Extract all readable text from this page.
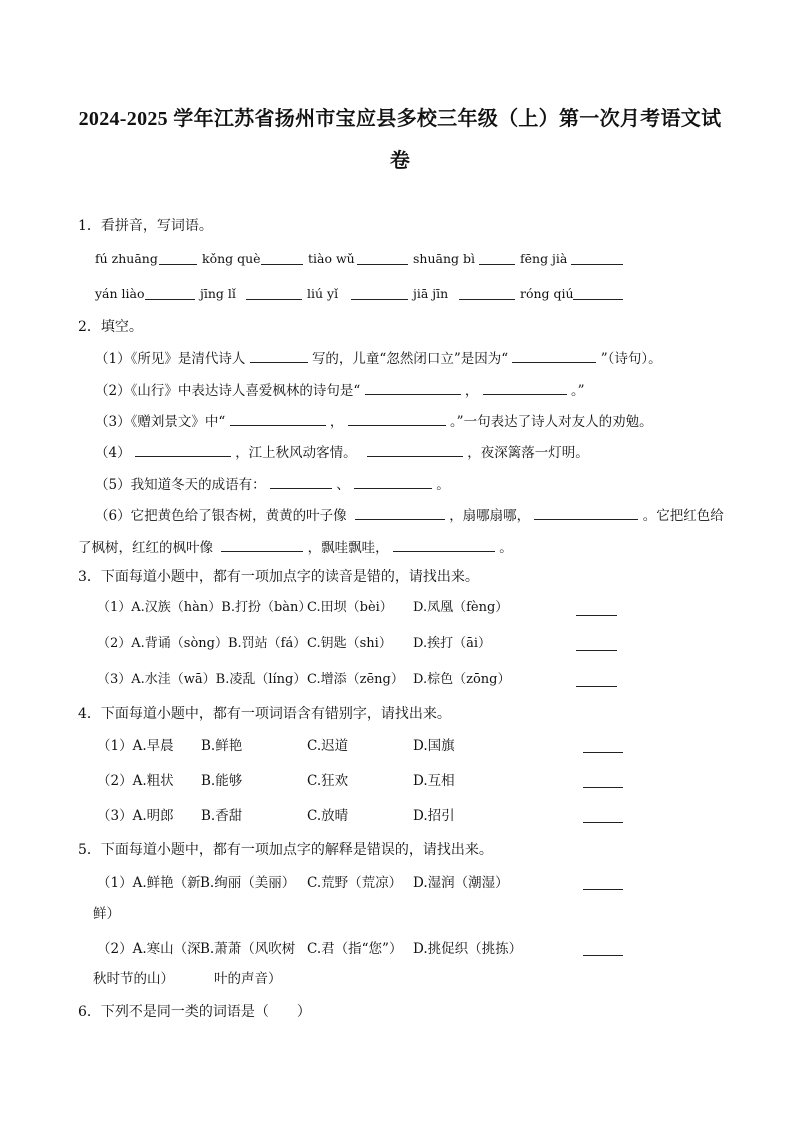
2024-2025 学年江苏省扬州市宝应县多校三年级（上）第一次月考语文试
卷
1．看拼音，写词语。
fú zhuāng	kǒng què	tiào wǔ	shuāng bì	fēng jià
yán liào	jīng lǐ	liú yǐ	jiā jīn	róng qiú
2．填空。
（1）《所见》是清代诗人	写的，儿童“忽然闭口立”是因为“	”（诗句）。
（2）《山行》中表达诗人喜爱枫林的诗句是“	，	。”
（3）《赠刘景文》中“	，	。”一句表达了诗人对友人的劝勉。
（4）	，江上秋风动客情。	，夜深篱落一灯明。
（5）我知道冬天的成语有：	、	。
（6）它把黄色给了银杏树，黄黄的叶子像	，扇哪扇哪，	。它把红色给
了枫树，红红的枫叶像	，飘哇飘哇，	。
3．下面每道小题中，都有一项加点字的读音是错的，请找出来。
（1）A.汉族（hàn）B.打扮（bàn）
C.田坝（bèi） D.凤凰（fèng）
（2）A.背诵（sòng）B.罚站（fá） C.钥匙（shi） D.挨打（āi）
（3）A.水洼（wā）B.凌乱（líng） C.增添（zēng） D.棕色（zōng）
4．下面每道小题中，都有一项词语含有错别字，请找出来。
（1）A.早晨 B.鲜艳	C.迟道	D.国旗
（2）A.粗状 B.能够	C.狂欢	D.互相
（3）A.明郎 B.香甜	C.放晴	D.招引
5．下面每道小题中，都有一项加点字的解释是错误的，请找出来。
（1）A.鲜艳（新 B.绚丽（美丽） C.荒野（荒凉） D.湿润（潮湿）
鲜）
（2）A.寒山（深 B.萧萧（风吹树 C.君（指“您”） D.挑促织（挑拣）
秋时节的山）	叶的声音）
6．下列不是同一类的词语是（　　）
